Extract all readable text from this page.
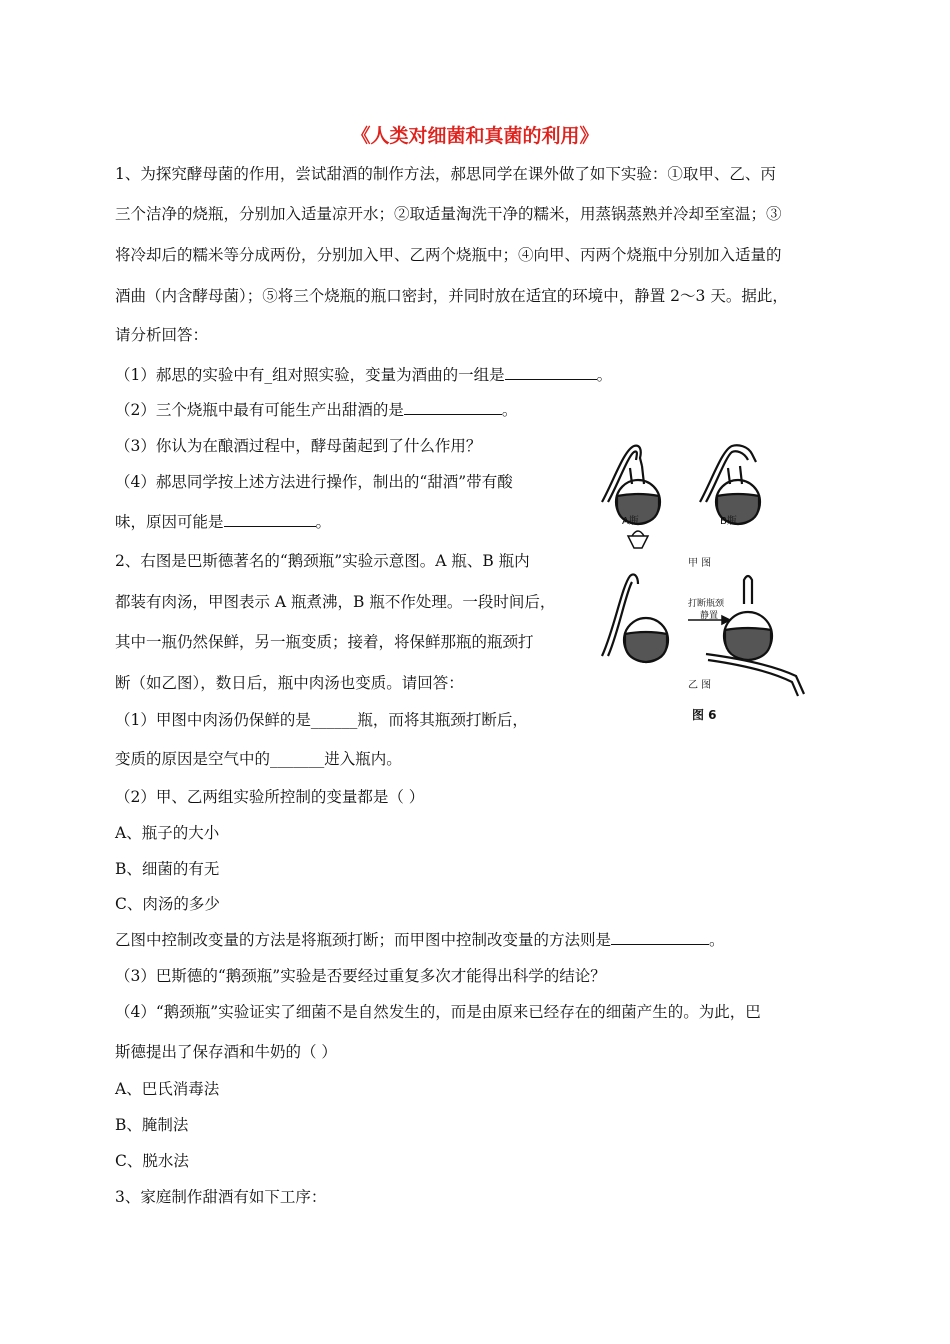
《人类对细菌和真菌的利用》
1、为探究酵母菌的作用，尝试甜酒的制作方法，郝思同学在课外做了如下实验：①取甲、乙、丙
三个洁净的烧瓶，分别加入适量凉开水；②取适量淘洗干净的糯米，用蒸锅蒸熟并冷却至室温；③
将冷却后的糯米等分成两份，分别加入甲、乙两个烧瓶中；④向甲、丙两个烧瓶中分别加入适量的
酒曲（内含酵母菌）；⑤将三个烧瓶的瓶口密封，并同时放在适宜的环境中，静置 2～3 天。据此，
请分析回答：
（1）郝思的实验中有_组对照实验，变量为酒曲的一组是	。
（2）三个烧瓶中最有可能生产出甜酒的是	。
（3）你认为在酿酒过程中，酵母菌起到了什么作用？
（4）郝思同学按上述方法进行操作，制出的“甜酒”带有酸
味，原因可能是	。
2、右图是巴斯德著名的“鹅颈瓶”实验示意图。A 瓶、B 瓶内
都装有肉汤，甲图表示 A 瓶煮沸，B 瓶不作处理。一段时间后，
其中一瓶仍然保鲜，另一瓶变质；接着，将保鲜那瓶的瓶颈打
断（如乙图），数日后，瓶中肉汤也变质。请回答：
（1）甲图中肉汤仍保鲜的是______瓶，而将其瓶颈打断后，
变质的原因是空气中的_______进入瓶内。
（2）甲、乙两组实验所控制的变量都是（ ）
A、瓶子的大小
B、细菌的有无
C、肉汤的多少
乙图中控制改变量的方法是将瓶颈打断；而甲图中控制改变量的方法则是	。
（3）巴斯德的“鹅颈瓶”实验是否要经过重复多次才能得出科学的结论？
（4）“鹅颈瓶”实验证实了细菌不是自然发生的，而是由原来已经存在的细菌产生的。为此，巴
斯德提出了保存酒和牛奶的（ ）
A、巴氏消毒法
B、腌制法
C、脱水法
3、家庭制作甜酒有如下工序：
A瓶	B瓶
甲 图
打断瓶颈
静置
乙 图
图 6
